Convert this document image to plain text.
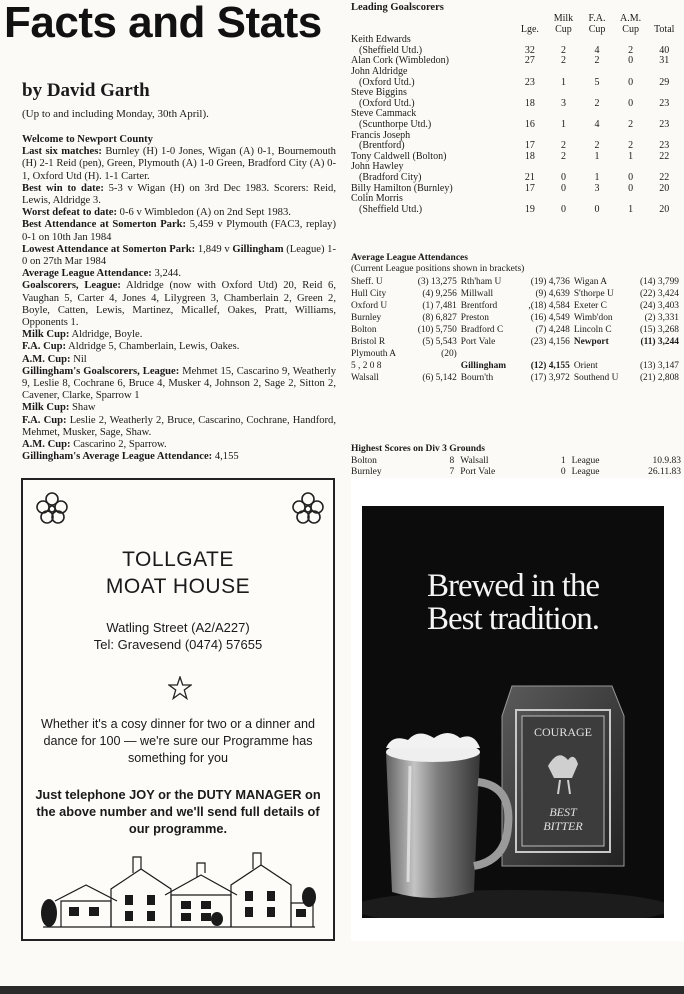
Facts and Stats
by David Garth
(Up to and including Monday, 30th April).

Welcome to Newport County

Last six matches: Burnley (H) 1-0 Jones, Wigan (A) 0-1, Bournemouth (H) 2-1 Reid (pen), Green, Plymouth (A) 1-0 Green, Bradford City (A) 0-1, Oxford Utd (H). 1-1 Carter.

Best win to date: 5-3 v Wigan (H) on 3rd Dec 1983. Scorers: Reid, Lewis, Aldridge 3.

Worst defeat to date: 0-6 v Wimbledon (A) on 2nd Sept 1983.

Best Attendance at Somerton Park: 5,459 v Plymouth (FAC3, replay) 0-1 on 10th Jan 1984

Lowest Attendance at Somerton Park: 1,849 v Gillingham (League) 1-0 on 27th Mar 1984

Average League Attendance: 3,244.

Goalscorers, League: Aldridge (now with Oxford Utd) 20, Reid 6, Vaughan 5, Carter 4, Jones 4, Lilygreen 3, Chamberlain 2, Green 2, Boyle, Catten, Lewis, Martinez, Micallef, Oakes, Pratt, Williams, Opponents 1.

Milk Cup: Aldridge, Boyle.

F.A. Cup: Aldridge 5, Chamberlain, Lewis, Oakes.

A.M. Cup: Nil

Gillingham's Goalscorers, League: Mehmet 15, Cascarino 9, Weatherly 9, Leslie 8, Cochrane 6, Bruce 4, Musker 4, Johnson 2, Sage 2, Sitton 2, Cavener, Clarke, Sparrow 1

Milk Cup: Shaw

F.A. Cup: Leslie 2, Weatherly 2, Bruce, Cascarino, Cochrane, Handford, Mehmet, Musker, Sage, Shaw.

A.M. Cup: Cascarino 2, Sparrow.

Gillingham's Average League Attendance: 4,155

Leading Goalscorers
		Milk	F.A.	A.M.	
	Lge.	Cup	Cup	Cup	Total
Keith Edwards					
(Sheffield Utd.)	32	2	4	2	40
Alan Cork (Wimbledon)	27	2	2	0	31
John Aldridge					
(Oxford Utd.)	23	1	5	0	29
Steve Biggins					
(Oxford Utd.)	18	3	2	0	23
Steve Cammack					
(Scunthorpe Utd.)	16	1	4	2	23
Francis Joseph					
(Brentford)	17	2	2	2	23
Tony Caldwell (Bolton)	18	2	1	1	22
John Hawley					
(Bradford City)	21	0	1	0	22
Billy Hamilton (Burnley)	17	0	3	0	20
Colin Morris					
(Sheffield Utd.)	19	0	0	1	20
Average League Attendances
(Current League positions shown in brackets)
Sheff. U	(3) 13,275	Rth'ham U	(19) 4,736	Wigan A	(14) 3,799
Hull City	(4) 9,256	Millwall	(9) 4,639	S'thorpe U	(22) 3,424
Oxford U	(1) 7,481	Brentford	,(18) 4,584	Exeter C	(24) 3,403
Burnley	(8) 6,827	Preston	(16) 4,549	Wimb'don	(2) 3,331
Bolton	(10) 5,750	Bradford C	(7) 4,248	Lincoln C	(15) 3,268
Bristol R	(5) 5,543	Port Vale	(23) 4,156	Newport	(11) 3,244
Plymouth A	(20)				
5 , 2 0 8		Gillingham	(12) 4,155	Orient	(13) 3,147
Walsall	(6) 5,142	Bourn'th	(17) 3,972	Southend U	(21) 2,808
Highest Scores on Div 3 Grounds
Bolton	8	Walsall	1	League	10.9.83
Burnley	7	Port Vale	0	League	26.11.83

TOLLGATE
MOAT HOUSE
Watling Street (A2/A227)
Tel: Gravesend (0474) 57655
Whether it's a cosy dinner for two or a dinner and dance for 100 — we're sure our Programme has something for you
Just telephone JOY or the DUTY MANAGER on the above number and we'll send full details of our programme.
Brewed in the
Best tradition.
COURAGE
BEST
BITTER
